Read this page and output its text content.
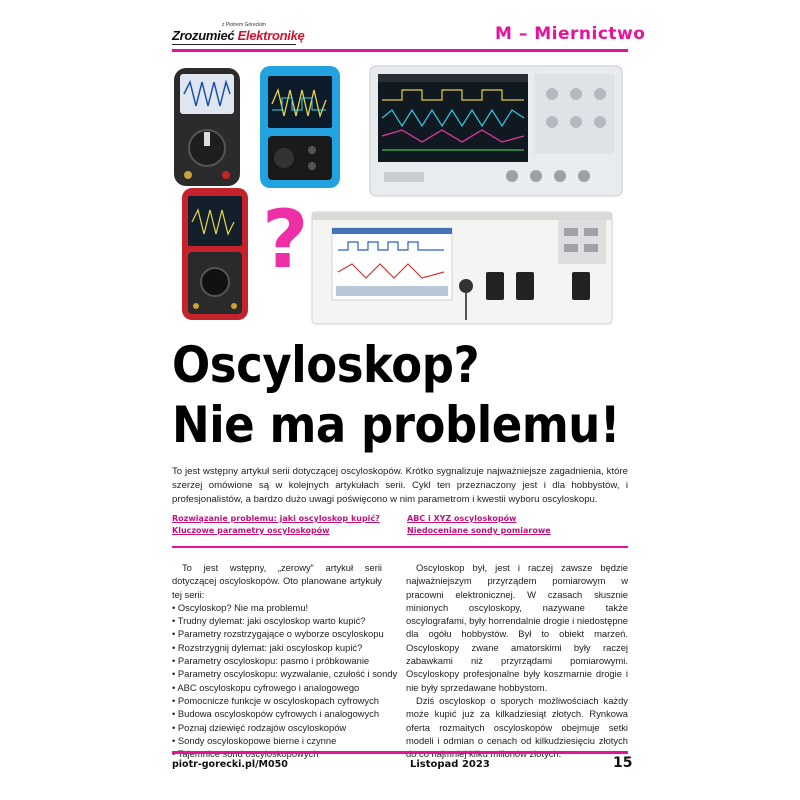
z Piotrem Góreckim
Zrozumieć Elektronikę	M – Miernictwo
?
Oscyloskop?
Nie ma problemu!
To jest wstępny artykuł serii dotyczącej oscyloskopów. Krótko sygnalizuje najważniejsze zagadnienia, które szerzej omówione są w kolejnych artykułach serii. Cykl ten przeznaczony jest i dla hobbystów, i profesjonalistów, a bardzo dużo uwagi poświęcono w nim parametrom i kwestii wyboru oscyloskopu.
Rozwiązanie problemu: jaki oscyloskop kupić?
Kluczowe parametry oscyloskopów
ABC i XYZ oscyloskopów
Niedoceniane sondy pomiarowe

To jest wstępny, „zerowy” artykuł serii dotyczącej oscyloskopów. Oto planowane artykuły tej serii:

• Oscyloskop? Nie ma problemu!
• Trudny dylemat: jaki oscyloskop warto kupić?
• Parametry rozstrzygające o wyborze oscyloskopu
• Rozstrzygnij dylemat: jaki oscyloskop kupić?
• Parametry oscyloskopu: pasmo i próbkowanie
• Parametry oscyloskopu: wyzwalanie, czułość i sondy
• ABC oscyloskopu cyfrowego i analogowego
• Pomocnicze funkcje w oscyloskopach cyfrowych
• Budowa oscyloskopów cyfrowych i analogowych
• Poznaj dziewięć rodzajów oscyloskopów
• Sondy oscyloskopowe bierne i czynne
•

Oscyloskop był, jest i raczej zawsze będzie najważniejszym przyrządem pomiarowym w pracowni elektronicznej. W czasach słusznie minionych oscyloskopy, nazywane także oscylografami, były horrendalnie drogie i niedostępne dla ogółu hobbystów. Był to obiekt marzeń. Oscyloskopy zwane amatorskimi były raczej zabawkami niż przyrządami pomiarowymi. Oscyloskopy profesjonalne były koszmarnie drogie i nie były sprzedawane hobbystom.

Dziś oscyloskop o sporych możliwościach każdy może kupić już za kilkadziesiąt złotych. Rynkowa oferta rozmaitych oscyloskopów obejmuje setki modeli i odmian o cenach od kilkudziesięciu złotych

piotr-gorecki.pl/M050	Listopad 2023	15
